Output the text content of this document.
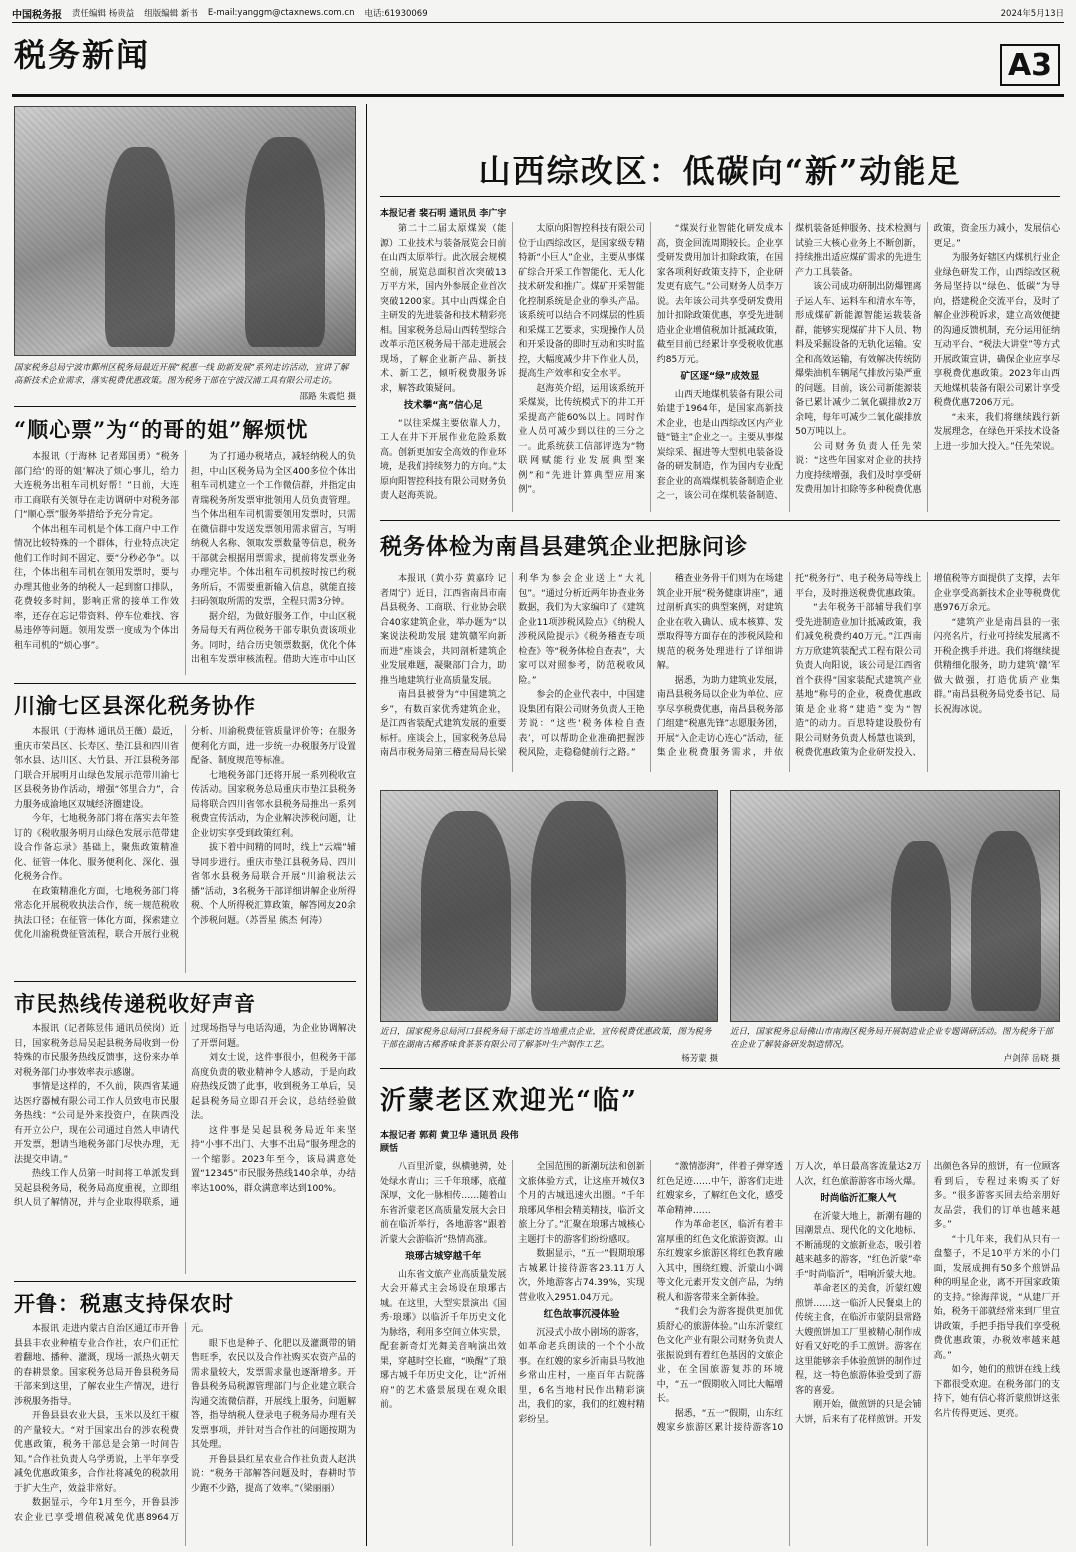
中国税务报 责任编辑 杨贵益 组版编辑 新书 E-mail:yanggm@ctaxnews.com.cn 电话:61930069	2024年5月13日
税务新闻	A3
国家税务总局宁波市鄞州区税务局最近开展“税惠一线 助新发展”系列走访活动，宣讲了解高新技术企业需求，落实税费优惠政策。图为税务干部在宁波汉浦工具有限公司走访。
邵路 朱震恺 摄
“顺心票”为“的哥的姐”解烦忧

本报讯（于海林 记者郑国勇）“税务部门给‘的哥的姐’解决了烦心事儿，给力大连税务出租车司机好帮！”日前，大连市工商联有关领导在走访调研中对税务部门“顺心票”服务举措给予充分肯定。

个体出租车司机是个体工商户中工作情况比较特殊的一个群体，行业特点决定他们工作时间不固定、要“分秒必争”。以往，个体出租车司机在领用发票时，要与办理其他业务的纳税人一起到窗口排队，花费较多时间，影响正常的接单工作效率，还存在忘记带资料、停车位难找、容易违停等问题。领用发票一度成为个体出租车司机的“烦心事”。

为了打通办税堵点，减轻纳税人的负担，中山区税务局为全区400多位个体出租车司机建立一个工作微信群，并指定由青瑞税务所发票审批领用人员负责管理。当个体出租车司机需要领用发票时，只需在微信群中发送发票领用需求留言，写明纳税人名称、领取发票数量等信息，税务干部就会根据用票需求，提前将发票业务办理完毕。个体出租车司机按时按已约税务所后，不需要重新输入信息，就能直接扫码领取所需的发票，全程只需3分钟。

据介绍，为做好服务工作，中山区税务局每天有两位税务干部专职负责该项业务。同时，结合历史领票数据，优化个体出租车发票审核流程。借助大连市中山区

川渝七区县深化税务协作

本报讯（于海林 通讯员王薇）最近，重庆市荣昌区、长寿区、垫江县和四川省邻水县、达川区、大竹县、开江县税务部门联合开展明月山绿色发展示范带川渝七区县税务协作活动，增强“邻里合力”，合力服务成渝地区双城经济圈建设。

今年，七地税务部门将在落实去年签订的《税收服务明月山绿色发展示范带建设合作备忘录》基础上，聚焦政策精准化、征管一体化、服务便利化、深化、强化税务合作。

在政策精准化方面，七地税务部门将常态化开展税收执法合作，统一规范税收执法口径；在征管一体化方面，探索建立优化川渝税费征管流程，联合开展行业税分析、川渝税费征管质量评价等；在服务便利化方面，进一步统一办税服务厅设置配备、制度规范等标准。

七地税务部门还将开展一系列税收宣传活动。国家税务总局重庆市垫江县税务局将联合四川省邻水县税务局推出一系列税费宣传活动，为企业解决涉税问题，让企业切实享受到政策红利。

拔下着中间精的同时，线上“云端”辅导同步进行。重庆市垫江县税务局、四川省邻水县税务局联合开展“川渝税法云播”活动，3名税务干部详细讲解企业所得税、个人所得税汇算政策，解答网友20余个涉税问题。（苏晋星 熊杰 何涛）

市民热线传递税收好声音

本报讯（记者陈昱伟 通讯员侯岗）近日，国家税务总局吴起县税务局收到一份特殊的市民服务热线反馈事，这份来办单对税务部门办事效率表示感谢。

事情是这样的，不久前，陕西省某通达医疗器械有限公司工作人员致电市民服务热线：“公司是外来投资户，在陕西没有开立公户，现在公司通过自然人申请代开发票，想请当地税务部门尽快办理，无法提交申请。”

热线工作人员第一时间将工单派发到吴起县税务局，税务局高度重视，立即组织人员了解情况，并与企业取得联系，通过现场指导与电话沟通，为企业协调解决了开票问题。

刘女士说，这件事很小，但税务干部高度负责的敬业精神令人感动，于是向政府热线反馈了此事，收到税务工单后，吴起县税务局立即召开会议，总结经验做法。

这件事是吴起县税务局近年来坚持“小事不出门、大事不出局”服务理念的一个缩影。2023年至今，该局满意处置“12345”市民服务热线140余单，办结率达100%，群众满意率达到100%。

开鲁：税惠支持保农时

本报讯 走进内蒙古自治区通辽市开鲁县县丰农业种植专业合作社，农户们正忙着翻地、播种、灌溉，现场一派热火朝天的春耕景象。国家税务总局开鲁县税务局干部来到这里，了解农业生产情况，进行涉税服务指导。

开鲁县县农业大县，玉米以及红干椒的产量较大。“对于国家出台的涉农税费优惠政策，税务干部总是会第一时间告知。”合作社负责人乌学勇说，上半年享受减免优惠政策多，合作社将减免的税款用于扩大生产，效益非常好。

数据显示，今年1月至今，开鲁县涉农企业已享受增值税减免优惠8964万元。

眼下也是种子、化肥以及灌溉带的销售旺季，农民以及合作社购买农资产品的需求量较大，发票需求量也逐渐增多。开鲁县税务局税源管理部门与企业建立联合沟通交流微信群，开展线上服务，问题解答，指导纳税人登录电子税务局办理有关发票事项，并针对当合作社的问题按期为其处理。

开鲁县县红星农业合作社负责人赵洪说：“税务干部解答问题及时，春耕时节少跑不少路，提高了效率。”（梁丽丽）

山西综改区：低碳向“新”动能足
本报记者 裴石明 通讯员 李广宇

第二十二届太原煤炭（能源）工业技术与装备展览会日前在山西太原举行。此次展会规模空前，展览总面积首次突破13万平方米，国内外参展企业首次突破1200家。其中山西煤企自主研发的先进装备和技术精彩亮相。国家税务总局山西转型综合改革示范区税务局干部走进展会现场，了解企业新产品、新技术、新工艺，倾听税费服务诉求，解答政策疑问。

技术攀“高”信心足

“以往采煤主要依靠人力，工人在井下开展作业危险系数高。创新更加安全高效的作业环境，是我们持续努力的方向。”太原向阳智控科技有限公司财务负责人赵海英说。

太原向阳智控科技有限公司位于山西综改区，是国家级专精特新“小巨人”企业，主要从事煤矿综合开采工作智能化、无人化技术研发和推广。煤矿开采智能化控制系统是企业的拳头产品。该系统可以结合不同煤层的性质和采煤工艺要求，实现操作人员和开采设备的即时互动和实时监控，大幅度减少井下作业人员，提高生产效率和安全水平。

赵海英介绍，运用该系统开采煤炭，比传统模式下的井工开采提高产能60%以上。同时作业人员可减少到以往的三分之一。此系统获工信部评选为“物联网赋能行业发展典型案例”和“先进计算典型应用案例”。

“煤炭行业智能化研发成本高，资金回流周期较长。企业享受研发费用加计扣除政策，在国家各项利好政策支持下，企业研发更有底气。”公司财务人员李万说。去年该公司共享受研发费用加计扣除政策优惠，享受先进制造业企业增值税加计抵减政策，截至目前已经累计享受税收优惠约85万元。

矿区逐“绿”成效显

山西天地煤机装备有限公司始建于1964年，是国家高新技术企业，也是山西综改区内产业链“链主”企业之一。主要从事煤炭综采、掘进等大型机电装备设备的研发制造，作为国内专业配套企业的高端煤机装备制造企业之一，该公司在煤机装备制造、煤机装备延伸服务、技术检测与试验三大核心业务上不断创新，持续推出适应煤矿需求的先进生产力工具装备。

该公司成功研制出防爆锂离子运人车、运料车和清水车等，形成煤矿新能源智能运载装备群，能够实现煤矿井下人员、物料及采掘设备的无轨化运输。安全和高效运输，有效解决传统防爆柴油机车辆尾气排放污染严重的问题。目前，该公司新能源装备已累计减少二氧化碳排放2万余吨，每年可减少二氧化碳排放50万吨以上。

公司财务负责人任先荣说：“这些年国家对企业的扶持力度持续增强，我们及时享受研发费用加计扣除等多种税费优惠政策，资金压力减小，发展信心更足。”

为服务好辖区内煤机行业企业绿色研发工作，山西综改区税务局坚持以“绿色、低碳”为导向，搭建税企交流平台，及时了解企业涉税诉求，建立高效便捷的沟通反馈机制，充分运用征纳互动平台、“税法大讲堂”等方式开展政策宣讲，确保企业应享尽享税费优惠政策。2023年山西天地煤机装备有限公司累计享受税费优惠7206万元。

“未来，我们将继续践行新发展理念，在绿色开采技术设备上进一步加大投入。”任先荣说。

税务体检为南昌县建筑企业把脉问诊

本报讯（黄小芬 黄嘉玲 记者周宁）近日，江西省南昌市南昌县税务、工商联、行业协会联合40家建筑企业，举办题为“以案说法税助发展 建筑赣军向新而进”座谈会，共同剖析建筑企业发展难题，凝聚部门合力，助推当地建筑行业高质量发展。

南昌县被誉为“中国建筑之乡”，有数百家优秀建筑企业，是江西省装配式建筑发展的重要标杆。座谈会上，国家税务总局南昌市税务局第三稽查局局长梁利华为参会企业送上“大礼包”。“通过分析近两年协查业务数据，我们为大家编印了《建筑企业11项涉税风险点》《纳税人涉税风险提示》《税务稽查专项检查》等“税务体检自查表”，大家可以对照参考，防范税收风险。”

参会的企业代表中，中国建设集团有限公司财务负责人王艳芳说：“这些‘税务体检自查表’，可以帮助企业准确把握涉税风险，走稳稳健前行之路。”

稽查业务骨干们则为在场建筑企业开展“税务健康讲座”，通过剖析真实的典型案例，对建筑企业在收入确认、成本核算、发票取得等方面存在的涉税风险和规范的税务处理进行了详细讲解。

据悉，为助力建筑业发展，南昌县税务局以企业为单位、应享尽享税费优惠，南昌县税务部门组建“税惠先锋”志愿服务团，开展“入企走访心连心”活动，征集企业税费服务需求，并依托“税务行”、电子税务局等线上平台，及时推送税费优惠政策。

“去年税务干部辅导我们享受先进制造业加计抵减政策，我们减免税费约40万元。”江西南方万欣建筑装配式工程有限公司负责人向阳说，该公司是江西省首个获得“国家装配式建筑产业基地”称号的企业，税费优惠政策是企业将“建造”变为“智造”的动力。百思特建设股份有限公司财务负责人杨慧也谈到，税费优惠政策为企业研发投入、增值税等方面提供了支撑，去年企业享受高新技术企业等税费优惠976万余元。

“建筑产业是南昌县的一张闪亮名片，行业可持续发展离不开税企携手并进。我们将继续提供精细化服务，助力建筑‘赣’军做大做强，打造优质产业集群。”南昌县税务局党委书记、局长祝海冰说。

近日，国家税务总局河口县税务局干部走访当地重点企业，宣传税费优惠政策，图为税务干部在湖南古稀香味食茶茶有限公司了解茶叶生产制作工艺。
杨芳蒙 摄
近日，国家税务总局佛山市南海区税务局开展制造业企业专题调研活动。图为税务干部在企业了解装备研发制造情况。
卢剑萍 岳晓 摄
沂蒙老区欢迎光“临”
本报记者 郭莉 黄卫华 通讯员 段伟 顾恬

八百里沂蒙，纵横驰骋，处处绿水青山；三千年琅琊，底蕴深厚，文化一脉相传……随着山东省沂蒙老区高质量发展大会日前在临沂举行，各地游客“跟着沂蒙大会游临沂”热情高涨。

琅琊古城穿越千年

山东省文旅产业高质量发展大会开幕式主会场设在琅琊古城。在这里，大型实景演出《国秀·琅琊》以临沂千年历史文化为脉络，利用多空间立体实景，配套新奇灯光舞美音响演出效果，穿越时空长廊，“唤醒”了琅琊古城千年历史文化，让“沂州府”的艺术盛景展现在观众眼前。

全国范围的新潮玩法和创新文旅体验方式，让这座开城仅3个月的古城迅速火出圈。“千年琅琊风华相会精美精技，临沂文旅上分了。”汇聚在琅琊古城核心主题打卡的游客们纷纷感叹。

数据显示，“五一”假期琅琊古城累计接待游客23.11万人次，外地游客占74.39%，实现营业收入2951.04万元。

红色故事沉浸体验

沉浸式小故小剧场的游客，如革命老兵朗读的一个个小故事。在红嫂的家乡沂南县马牧池乡常山庄村，一座百年古院落里，6名当地村民作出精彩演出，我们的家，我们的红嫂村精彩纷呈。

“激情澎湃”，伴着子弹穿透红色足迹……中午，游客们走进红嫂家乡，了解红色文化，感受革命精神……

作为革命老区，临沂有着丰富厚重的红色文化旅游资源。山东红嫂家乡旅游区将红色教育融入其中，围绕红嫂、沂蒙山小调等文化元素开发文创产品，为纳税人和游客带来全新体验。

“我们会为游客提供更加优质舒心的旅游体验。”山东沂蒙红色文化产业有限公司财务负责人张振说到有着红色基因的文旅企业，在全国旅游复苏的环境中，“五一”假期收入同比大幅增长。

据悉，“五一”假期，山东红嫂家乡旅游区累计接待游客10万人次，单日最高客流量达2万人次，红色旅游游客市场火爆。

时尚临沂汇聚人气

在沂蒙大地上，新潮有趣的国潮景点、现代化的文化地标、不断涌现的文旅新业态，吸引着越来越多的游客，“红色沂蒙”牵手“时尚临沂”，唱响沂蒙大地。

革命老区的美食，沂蒙红嫂煎饼……这一临沂人民餐桌上的传统主食，在临沂市蒙阴县常路大嫂煎饼加工厂里被精心制作成好看又好吃的手工煎饼。游客在这里能够亲手体验煎饼的制作过程，这一特色旅游体验受到了游客的喜爱。

刚开始，做煎饼的只是会铺大饼，后来有了花样煎饼。开发出颜色各异的煎饼，有一位顾客看到后，专程过来购买了好多。“很多游客买回去给亲朋好友品尝，我们的订单也越来越多。”

“十几年来，我们从只有一盘鏊子，不足10平方米的小门面，发展成拥有50多个煎饼品种的明星企业，离不开国家政策的支持。”徐海萍说，“从建厂开始，税务干部就经常来到厂里宣讲政策，手把手指导我们享受税费优惠政策，办税效率越来越高。”

如今，她们的煎饼在线上线下都很受欢迎。在税务部门的支持下，她有信心将沂蒙煎饼这张名片传得更远、更亮。
